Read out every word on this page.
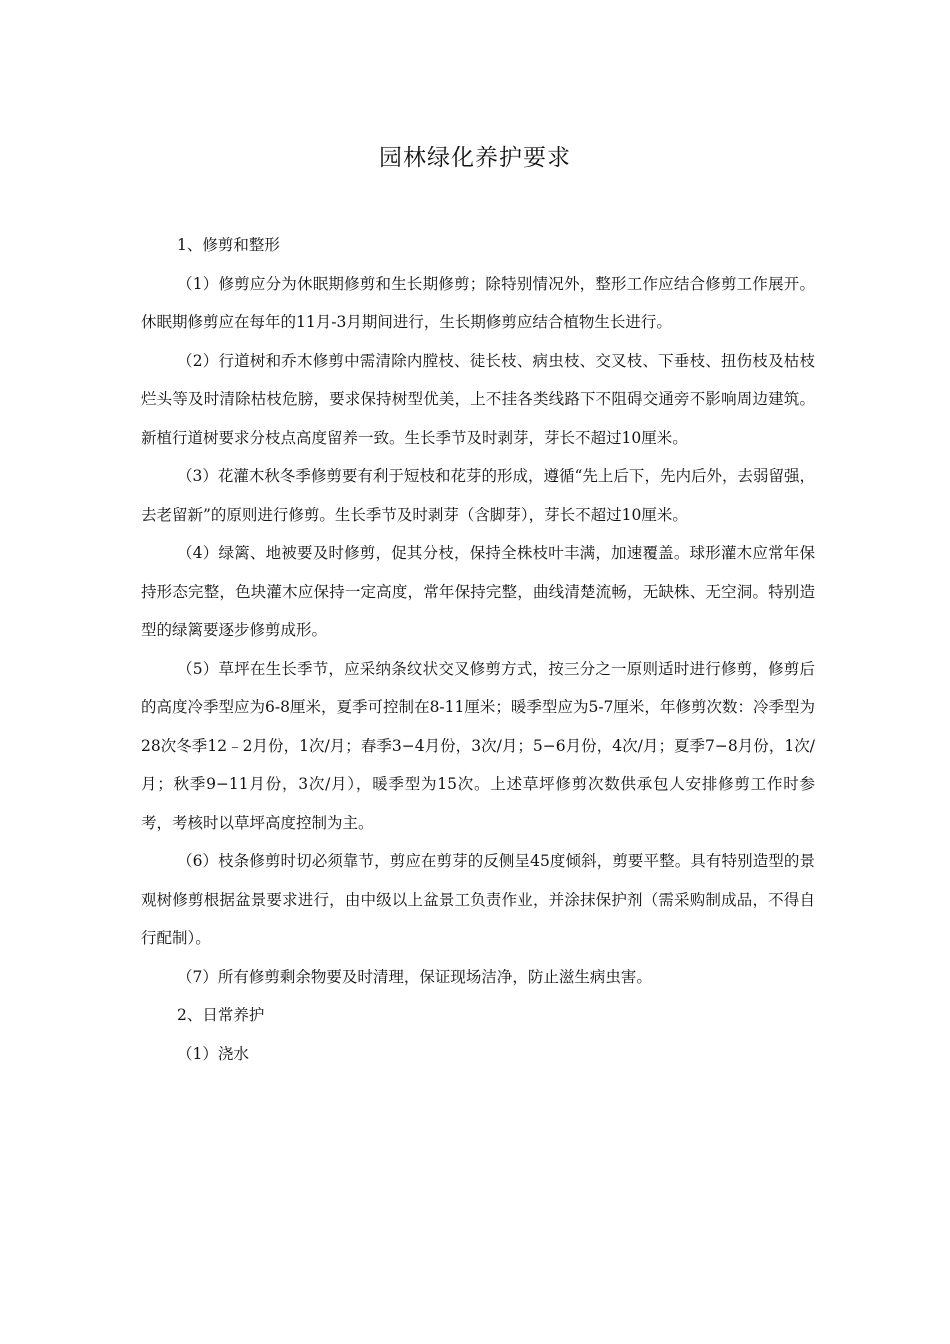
园林绿化养护要求

1、修剪和整形

（1）修剪应分为休眠期修剪和生长期修剪；除特别情况外，整形工作应结合修剪工作展开。休眠期修剪应在每年的11月-3月期间进行，生长期修剪应结合植物生长进行。

（2）行道树和乔木修剪中需清除内膛枝、徒长枝、病虫枝、交叉枝、下垂枝、扭伤枝及枯枝烂头等及时清除枯枝危膀，要求保持树型优美，上不挂各类线路下不阻碍交通旁不影响周边建筑。新植行道树要求分枝点高度留养一致。生长季节及时剥芽，芽长不超过10厘米。

（3）花灌木秋冬季修剪要有利于短枝和花芽的形成，遵循“先上后下，先内后外，去弱留强，去老留新”的原则进行修剪。生长季节及时剥芽（含脚芽），芽长不超过10厘米。

（4）绿篱、地被要及时修剪，促其分枝，保持全株枝叶丰满，加速覆盖。球形灌木应常年保持形态完整，色块灌木应保持一定高度，常年保持完整，曲线清楚流畅，无缺株、无空洞。特别造型的绿篱要逐步修剪成形。

（5）草坪在生长季节，应采纳条纹状交叉修剪方式，按三分之一原则适时进行修剪，修剪后的高度冷季型应为6-8厘米，夏季可控制在8-11厘米；暖季型应为5-7厘米，年修剪次数：冷季型为28次冬季12﹣2月份，1次/月；春季3−4月份，3次/月；5−6月份，4次/月；夏季7−8月份，1次/月；秋季9−11月份，3次/月），暖季型为15次。上述草坪修剪次数供承包人安排修剪工作时参考，考核时以草坪高度控制为主。

（6）枝条修剪时切必须靠节，剪应在剪芽的反侧呈45度倾斜，剪要平整。具有特别造型的景观树修剪根据盆景要求进行，由中级以上盆景工负责作业，并涂抹保护剂（需采购制成品，不得自行配制）。

（7）所有修剪剩余物要及时清理，保证现场洁净，防止滋生病虫害。

2、日常养护

（1）浇水
